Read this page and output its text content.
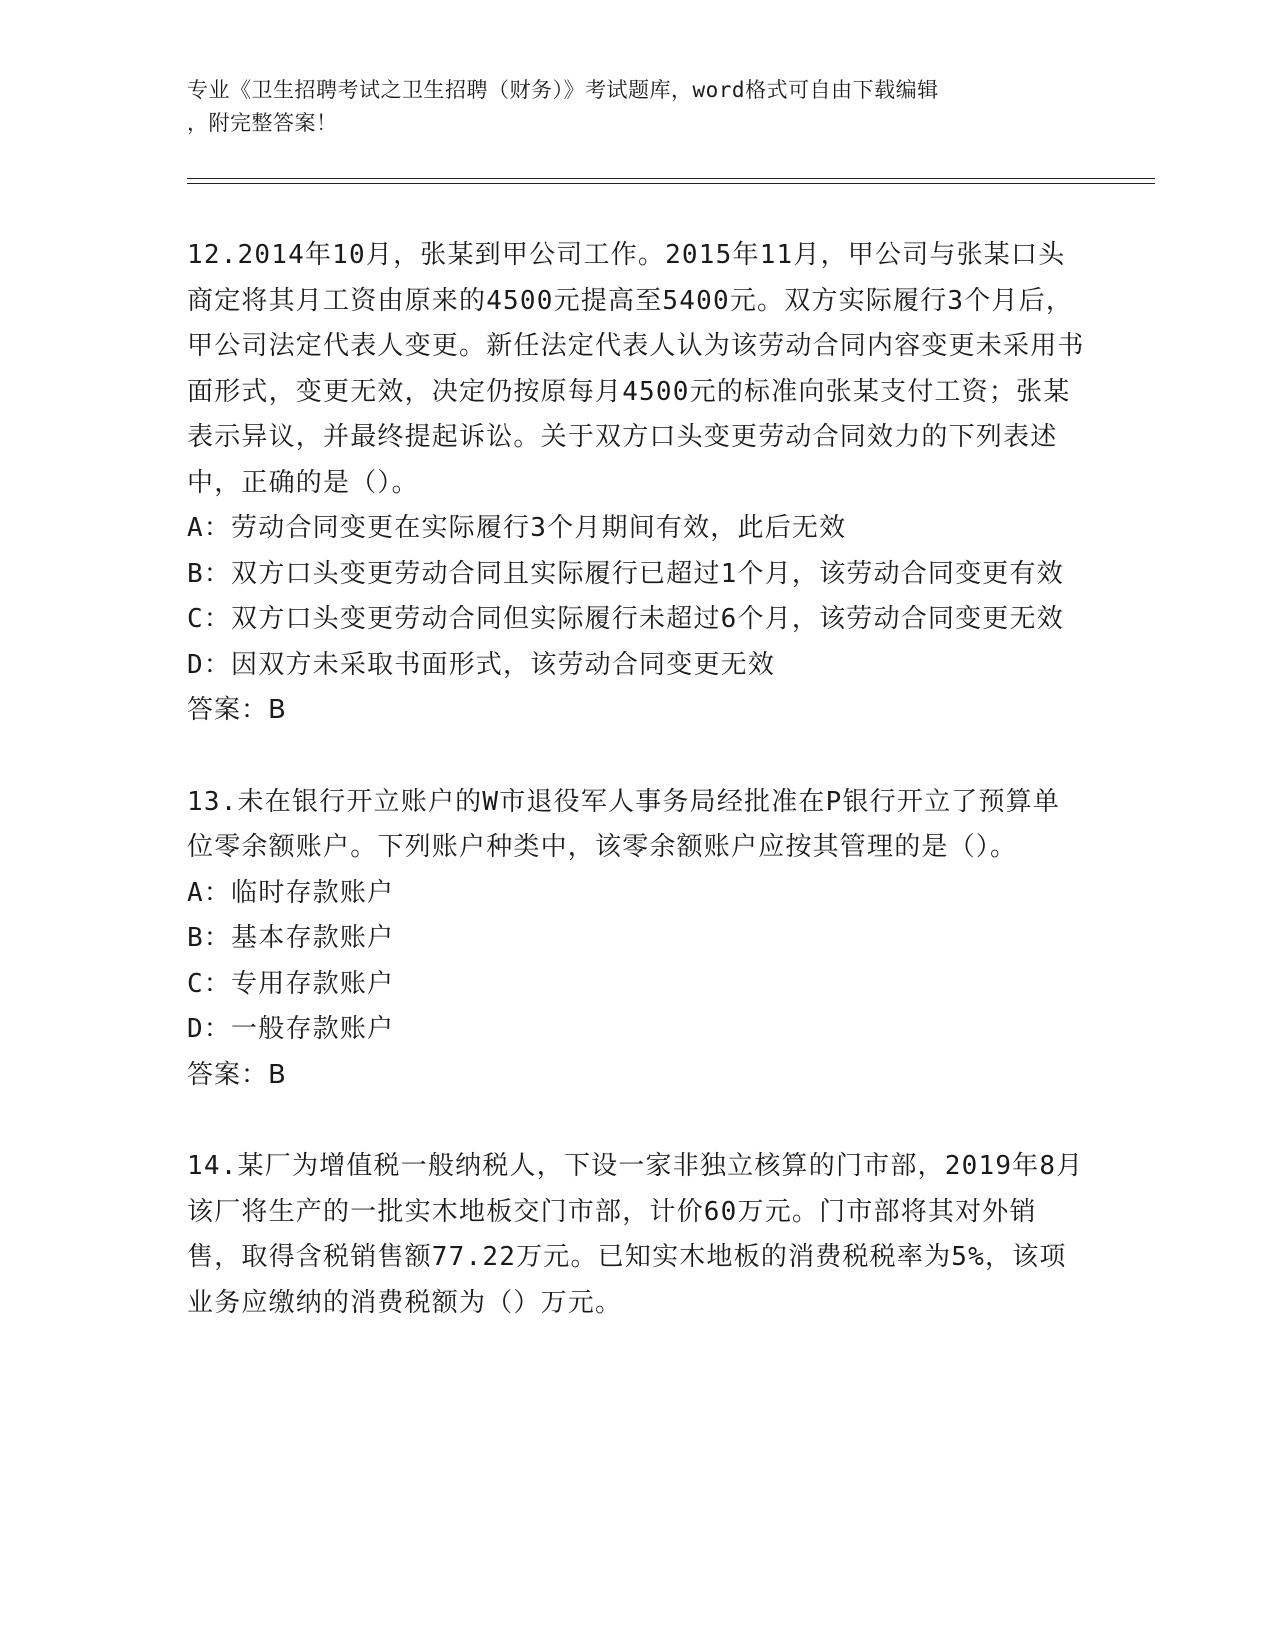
专业《卫生招聘考试之卫生招聘（财务）》考试题库，word格式可自由下载编辑
，附完整答案！

12.2014年10月，张某到甲公司工作。2015年11月，甲公司与张某口头商定将其月工资由原来的4500元提高至5400元。双方实际履行3个月后，甲公司法定代表人变更。新任法定代表人认为该劳动合同内容变更未采用书面形式，变更无效，决定仍按原每月4500元的标准向张某支付工资；张某表示异议，并最终提起诉讼。关于双方口头变更劳动合同效力的下列表述中，正确的是（）。

A：劳动合同变更在实际履行3个月期间有效，此后无效
B：双方口头变更劳动合同且实际履行已超过1个月，该劳动合同变更有效
C：双方口头变更劳动合同但实际履行未超过6个月，该劳动合同变更无效
D：因双方未采取书面形式，该劳动合同变更无效
答案：B

13.未在银行开立账户的W市退役军人事务局经批准在P银行开立了预算单位零余额账户。下列账户种类中，该零余额账户应按其管理的是（）。

A：临时存款账户
B：基本存款账户
C：专用存款账户
D：一般存款账户
答案：B

14.某厂为增值税一般纳税人，下设一家非独立核算的门市部，2019年8月该厂将生产的一批实木地板交门市部，计价60万元。门市部将其对外销售，取得含税销售额77.22万元。已知实木地板的消费税税率为5%，该项业务应缴纳的消费税额为（）万元。
